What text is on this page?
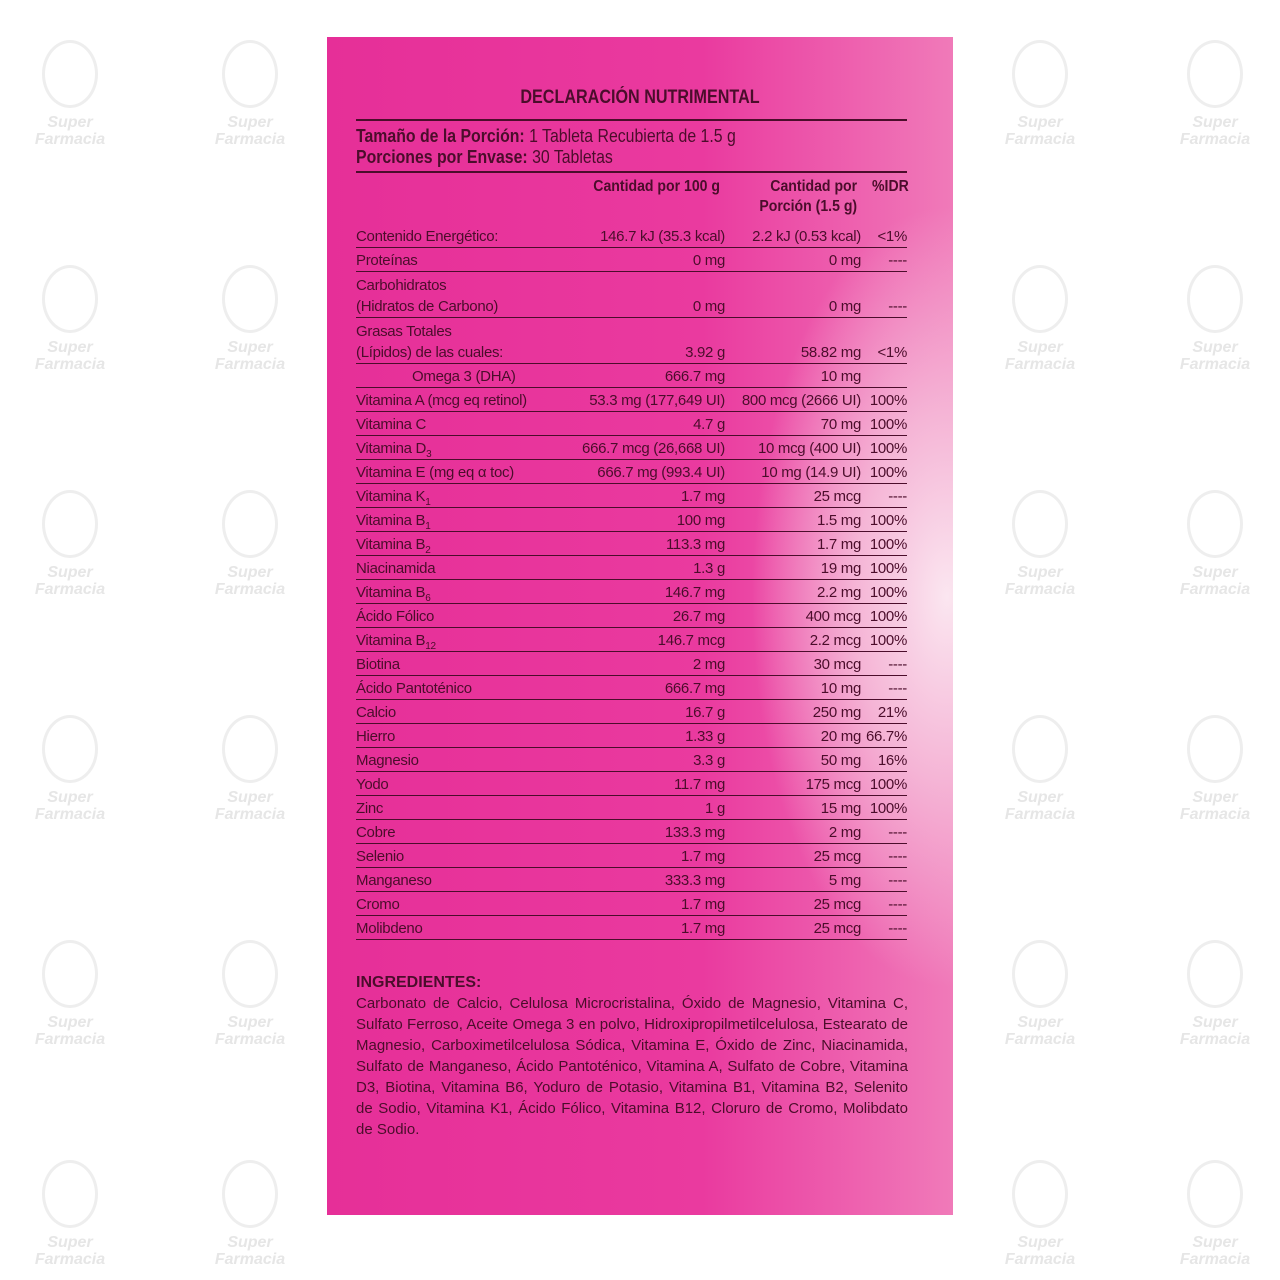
Super Farmacia
Super Farmacia
Super Farmacia
Super Farmacia
Super Farmacia
Super Farmacia
Super Farmacia
Super Farmacia
Super Farmacia
Super Farmacia
Super Farmacia
Super Farmacia
Super Farmacia
Super Farmacia
Super Farmacia
Super Farmacia
Super Farmacia
Super Farmacia
Super Farmacia
Super Farmacia
Super Farmacia
Super Farmacia
Super Farmacia
Super Farmacia
DECLARACIÓN NUTRIMENTAL
Tamaño de la Porción: 1 Tableta Recubierta de 1.5 g
Porciones por Envase: 30 Tabletas
Cantidad por 100 g	Cantidad por
Porción (1.5 g)
%IDR
Contenido Energético:	146.7 kJ (35.3 kcal)	2.2 kJ (0.53 kcal)	<1%
Proteínas	0 mg	0 mg	----
Carbohidratos
(Hidratos de Carbono)	0 mg	0 mg	----
Grasas Totales
(Lípidos) de las cuales:	3.92 g	58.82 mg	<1%
Omega 3 (DHA)	666.7 mg	10 mg	
Vitamina A (mcg eq retinol)	53.3 mg (177,649 UI)	800 mcg (2666 UI)	100%
Vitamina C	4.7 g	70 mg	100%
Vitamina $D_3$	666.7 mcg (26,668 UI)	10 mcg (400 UI)	100%
Vitamina E (mg eq α toc)	666.7 mg (993.4 UI)	10 mg (14.9 UI)	100%
Vitamina $K_1$	1.7 mg	25 mcg	----
Vitamina $B_1$	100 mg	1.5 mg	100%
Vitamina $B_2$	113.3 mg	1.7 mg	100%
Niacinamida	1.3 g	19 mg	100%
Vitamina $B_6$	146.7 mg	2.2 mg	100%
Ácido Fólico	26.7 mg	400 mcg	100%
Vitamina $B_{12}$	146.7 mcg	2.2 mcg	100%
Biotina	2 mg	30 mcg	----
Ácido Pantoténico	666.7 mg	10 mg	----
Calcio	16.7 g	250 mg	21%
Hierro	1.33 g	20 mg	66.7%
Magnesio	3.3 g	50 mg	16%
Yodo	11.7 mg	175 mcg	100%
Zinc	1 g	15 mg	100%
Cobre	133.3 mg	2 mg	----
Selenio	1.7 mg	25 mcg	----
Manganeso	333.3 mg	5 mg	----
Cromo	1.7 mg	25 mcg	----
Molibdeno	1.7 mg	25 mcg	----
INGREDIENTES:

Carbonato de Calcio, Celulosa Microcristalina, Óxido de Magnesio, Vitamina C, Sulfato Ferroso, Aceite Omega 3 en polvo, Hidroxipropilmetilcelulosa, Estearato de Magnesio, Carboximetilcelulosa Sódica, Vitamina E, Óxido de Zinc, Niacinamida, Sulfato de Manganeso, Ácido Pantoténico, Vitamina A, Sulfato de Cobre, Vitamina D3, Biotina, Vitamina B6, Yoduro de Potasio, Vitamina B1, Vitamina B2, Selenito de Sodio, Vitamina K1, Ácido Fólico, Vitamina B12, Cloruro de Cromo, Molibdato de Sodio.
